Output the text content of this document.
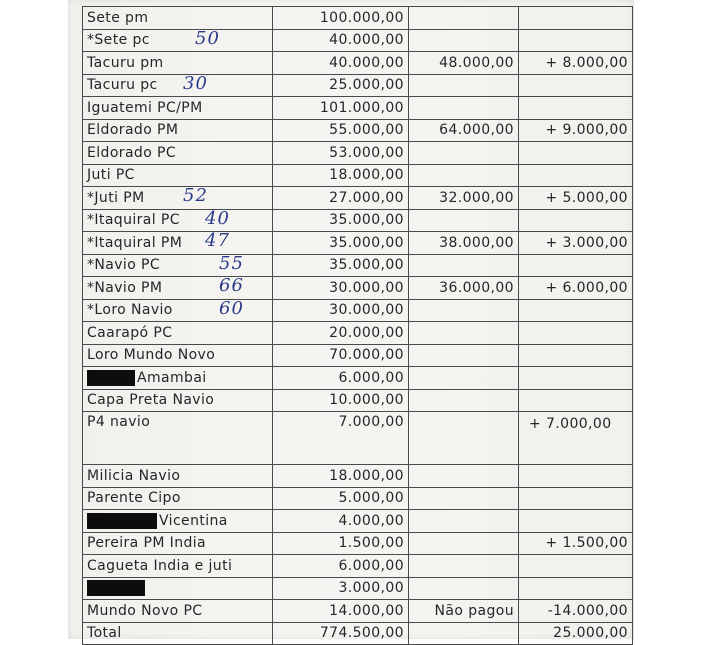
Sete pm	100.000,00		
*Sete pc 50	40.000,00		
Tacuru pm	40.000,00	48.000,00	+ 8.000,00
Tacuru pc 30	25.000,00		
Iguatemi PC/PM	101.000,00		
Eldorado PM	55.000,00	64.000,00	+ 9.000,00
Eldorado PC	53.000,00		
Juti PC	18.000,00		
*Juti PM 52	27.000,00	32.000,00	+ 5.000,00
*Itaquiral PC 40	35.000,00		
*Itaquiral PM 47	35.000,00	38.000,00	+ 3.000,00
*Navio PC 55	35.000,00		
*Navio PM 66	30.000,00	36.000,00	+ 6.000,00
*Loro Navio 60	30.000,00		
Caarapó PC	20.000,00		
Loro Mundo Novo	70.000,00		
Amambai	6.000,00		
Capa Preta Navio	10.000,00		
P4 navio	7.000,00		+ 7.000,00
Milicia Navio	18.000,00		
Parente Cipo	5.000,00		
Vicentina	4.000,00		
Pereira PM India	1.500,00		+ 1.500,00
Cagueta India e juti	6.000,00		
	3.000,00		
Mundo Novo PC	14.000,00	Não pagou	-14.000,00
Total	774.500,00		25.000,00
